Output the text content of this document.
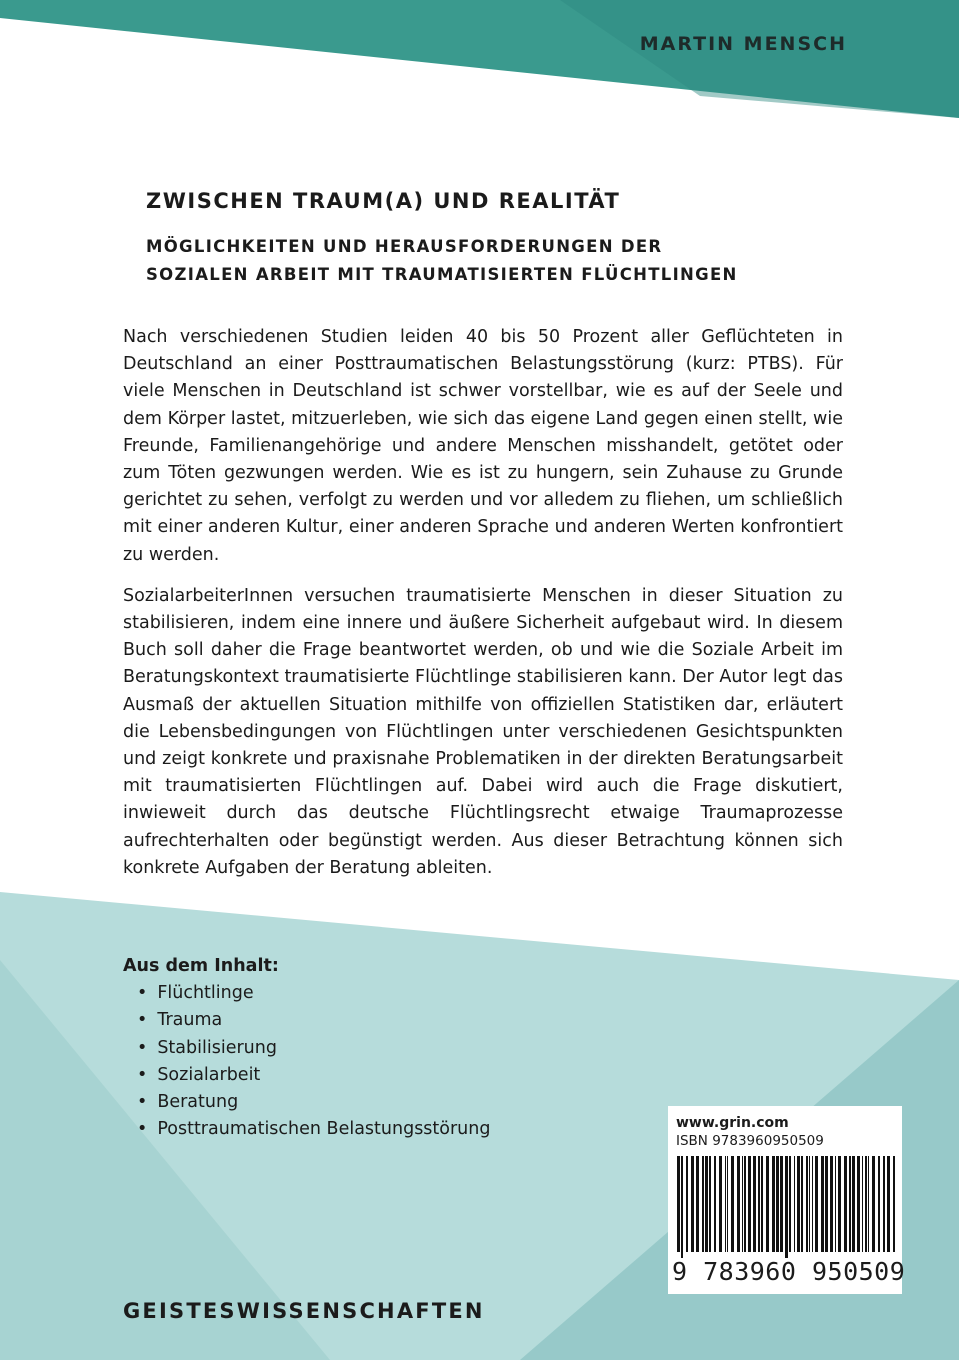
MARTIN MENSCH
ZWISCHEN TRAUM(A) UND REALITÄT
MÖGLICHKEITEN UND HERAUSFORDERUNGEN DER
SOZIALEN ARBEIT MIT TRAUMATISIERTEN FLÜCHTLINGEN

Nach verschiedenen Studien leiden 40 bis 50 Prozent aller Geflüchteten in Deutschland an einer Posttraumatischen Belastungsstörung (kurz: PTBS). Für viele Menschen in Deutschland ist schwer vorstellbar, wie es auf der Seele und dem Körper lastet, mitzuerleben, wie sich das eigene Land gegen einen stellt, wie Freunde, Familienangehörige und andere Menschen misshandelt, getötet oder zum Töten gezwungen werden. Wie es ist zu hungern, sein Zuhause zu Grunde gerichtet zu sehen, verfolgt zu werden und vor alledem zu fliehen, um schließlich mit einer anderen Kultur, einer anderen Sprache und anderen Werten konfrontiert zu werden.

SozialarbeiterInnen versuchen traumatisierte Menschen in dieser Situation zu stabilisieren, indem eine innere und äußere Sicherheit aufgebaut wird. In diesem Buch soll daher die Frage beantwortet werden, ob und wie die Soziale Arbeit im Beratungskontext traumatisierte Flüchtlinge stabilisieren kann. Der Autor legt das Ausmaß der aktuellen Situation mithilfe von offiziellen Statistiken dar, erläutert die Lebensbedingungen von Flüchtlingen unter verschiedenen Gesichtspunkten und zeigt konkrete und praxisnahe Problematiken in der direkten Beratungsarbeit mit traumatisierten Flüchtlingen auf. Dabei wird auch die Frage diskutiert, inwieweit durch das deutsche Flüchtlingsrecht etwaige Traumaprozesse aufrechterhalten oder begünstigt werden. Aus dieser Betrachtung können sich konkrete Aufgaben der Beratung ableiten.

Aus dem Inhalt:
• Flüchtlinge
• Trauma
• Stabilisierung
• Sozialarbeit
• Beratung
• Posttraumatischen Belastungsstörung	www.grin.com
ISBN 9783960950509
9 783960 950509
GEISTESWISSENSCHAFTEN
